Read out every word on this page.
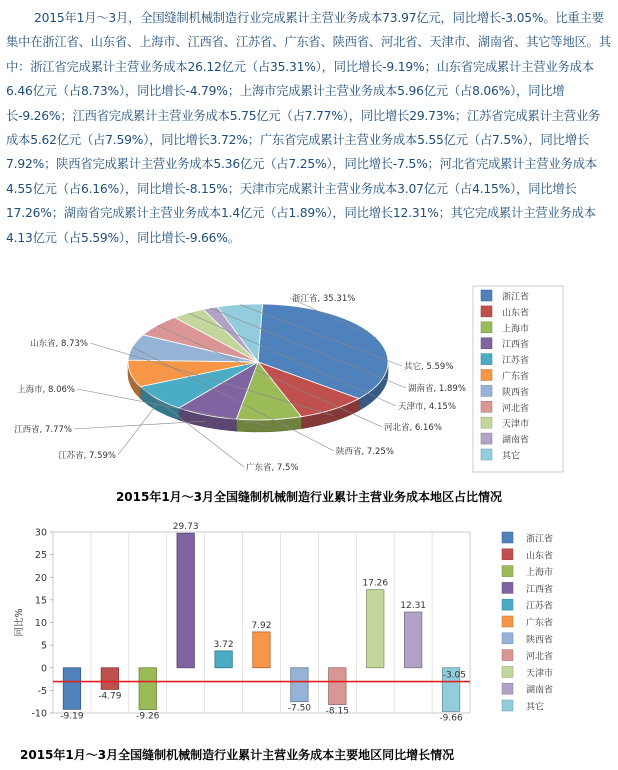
2015年1月～3月，全国缝制机械制造行业完成累计主营业务成本73.97亿元，同比增长-3.05%。比重主要集中在浙江省、山东省、上海市、江西省、江苏省、广东省、陕西省、河北省、天津市、湖南省、其它等地区。其中：浙江省完成累计主营业务成本26.12亿元（占35.31%），同比增长-9.19%；山东省完成累计主营业务成本6.46亿元（占8.73%），同比增长-4.79%；上海市完成累计主营业务成本5.96亿元（占8.06%），同比增长-9.26%；江西省完成累计主营业务成本5.75亿元（占7.77%），同比增长29.73%；江苏省完成累计主营业务成本5.62亿元（占7.59%），同比增长3.72%；广东省完成累计主营业务成本5.55亿元（占7.5%），同比增长7.92%；陕西省完成累计主营业务成本5.36亿元（占7.25%），同比增长-7.5%；河北省完成累计主营业务成本4.55亿元（占6.16%），同比增长-8.15%；天津市完成累计主营业务成本3.07亿元（占4.15%），同比增长17.26%；湖南省完成累计主营业务成本1.4亿元（占1.89%），同比增长12.31%；其它完成累计主营业务成本4.13亿元（占5.59%），同比增长-9.66%。

浙江省, 35.31%
山东省, 8.73%
上海市, 8.06%
江西省, 7.77%
江苏省, 7.59%
广东省, 7.5%
陕西省, 7.25%
河北省, 6.16%
天津市, 4.15%
湖南省, 1.89%
其它, 5.59%
浙江省
山东省
上海市
江西省
江苏省
广东省
陕西省
河北省
天津市
湖南省
其它

2015年1月～3月全国缝制机械制造行业累计主营业务成本地区占比情况

30
25
20
15
10
5
0
-5
-10
同比%
-9.19
-4.79
-9.26
29.73
3.72
7.92
-7.50 -8.15
17.26
12.31
-9.66
-3.05
浙江省
山东省
上海市
江西省
江苏省
广东省
陕西省
河北省
天津市
湖南省
其它

2015年1月～3月全国缝制机械制造行业累计主营业务成本主要地区同比增长情况
